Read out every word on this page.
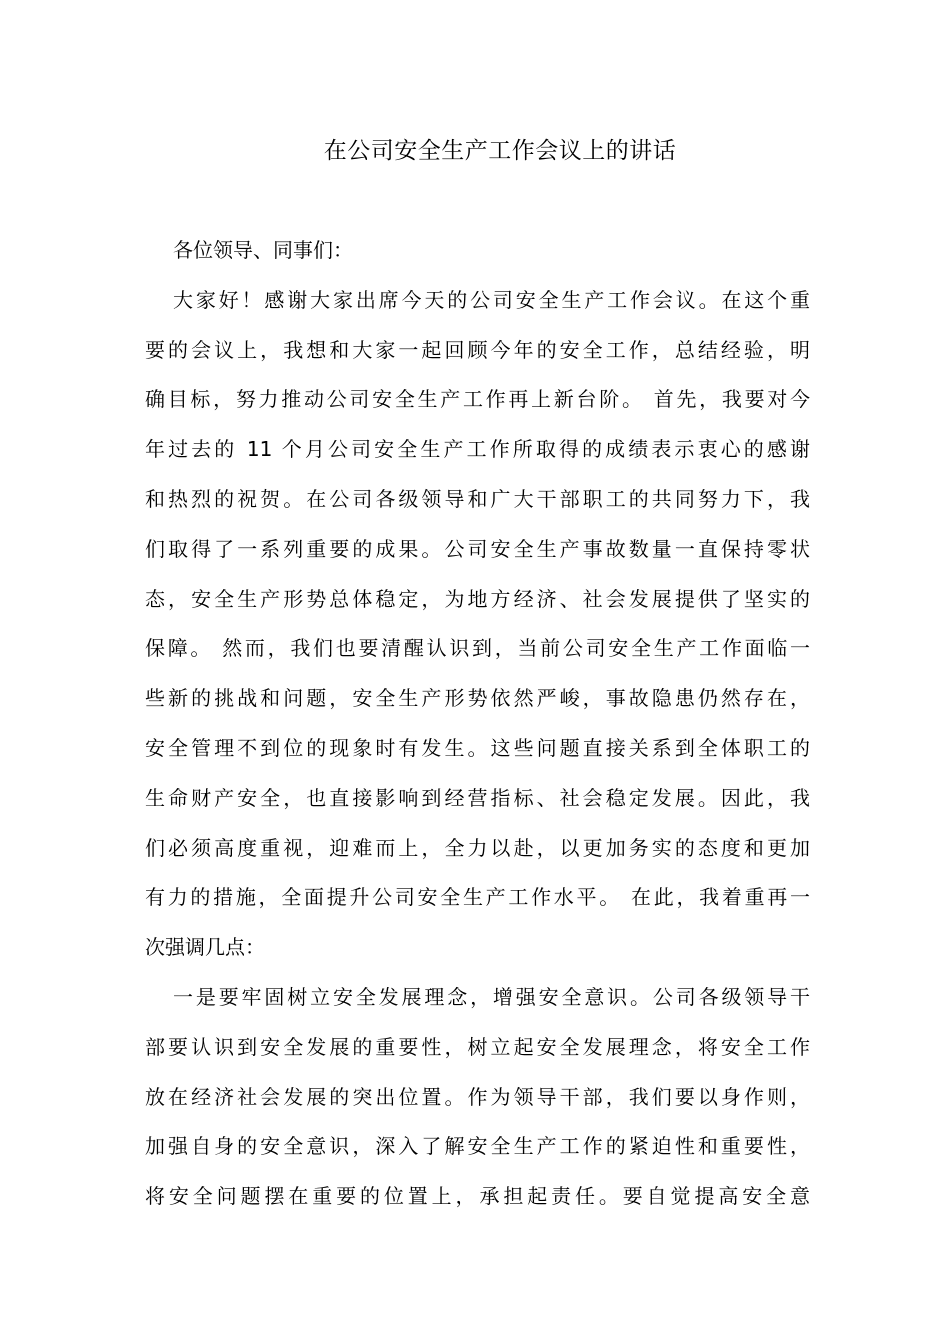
在公司安全生产工作会议上的讲话
各位领导、同事们：
大家好！感谢大家出席今天的公司安全生产工作会议。在这个重
要的会议上，我想和大家一起回顾今年的安全工作，总结经验，明
确目标，努力推动公司安全生产工作再上新台阶。 首先，我要对今
年过去的 11 个月公司安全生产工作所取得的成绩表示衷心的感谢
和热烈的祝贺。在公司各级领导和广大干部职工的共同努力下，我
们取得了一系列重要的成果。公司安全生产事故数量一直保持零状
态，安全生产形势总体稳定，为地方经济、社会发展提供了坚实的
保障。 然而，我们也要清醒认识到，当前公司安全生产工作面临一
些新的挑战和问题，安全生产形势依然严峻，事故隐患仍然存在，
安全管理不到位的现象时有发生。这些问题直接关系到全体职工的
生命财产安全，也直接影响到经营指标、社会稳定发展。因此，我
们必须高度重视，迎难而上，全力以赴，以更加务实的态度和更加
有力的措施，全面提升公司安全生产工作水平。 在此，我着重再一
次强调几点：
一是要牢固树立安全发展理念，增强安全意识。公司各级领导干
部要认识到安全发展的重要性，树立起安全发展理念，将安全工作
放在经济社会发展的突出位置。作为领导干部，我们要以身作则，
加强自身的安全意识，深入了解安全生产工作的紧迫性和重要性，
将安全问题摆在重要的位置上，承担起责任。要自觉提高安全意
